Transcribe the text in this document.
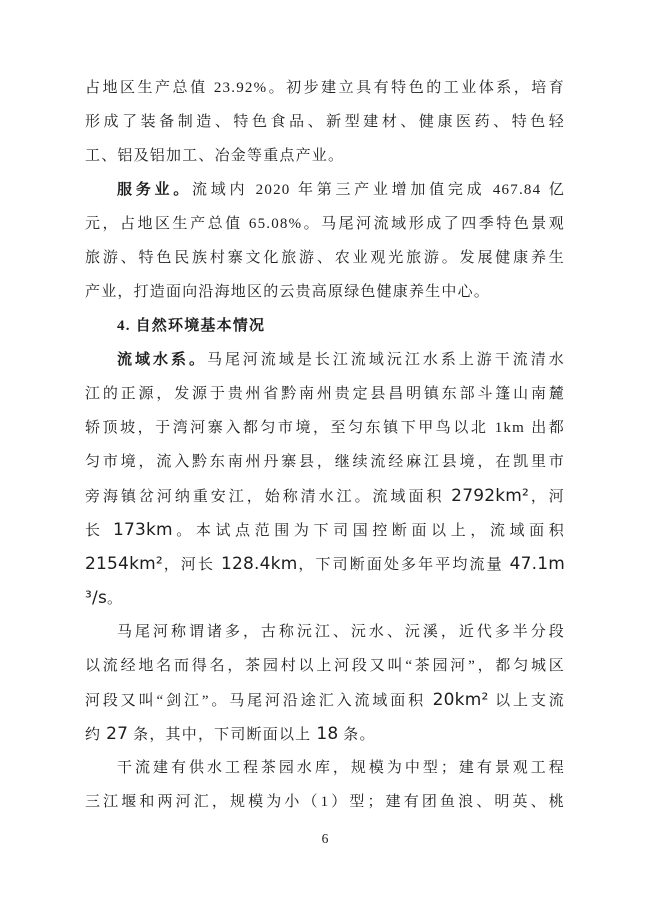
占地区生产总值 23.92%。初步建立具有特色的工业体系，培育
形成了装备制造、特色食品、新型建材、健康医药、特色轻
工、铝及铝加工、冶金等重点产业。
服务业。流域内 2020 年第三产业增加值完成 467.84 亿
元，占地区生产总值 65.08%。马尾河流域形成了四季特色景观
旅游、特色民族村寨文化旅游、农业观光旅游。发展健康养生
产业，打造面向沿海地区的云贵高原绿色健康养生中心。
4. 自然环境基本情况
流域水系。马尾河流域是长江流域沅江水系上游干流清水
江的正源，发源于贵州省黔南州贵定县昌明镇东部斗篷山南麓
轿顶坡，于湾河寨入都匀市境，至匀东镇下甲鸟以北 1km 出都
匀市境，流入黔东南州丹寨县，继续流经麻江县境，在凯里市
旁海镇岔河纳重安江，始称清水江。流域面积 2792km²，河
长 173km。本试点范围为下司国控断面以上，流域面积
2154km²，河长 128.4km，下司断面处多年平均流量 47.1m
³/s。
马尾河称谓诸多，古称沅江、沅水、沅溪，近代多半分段
以流经地名而得名，茶园村以上河段又叫“茶园河”，都匀城区
河段又叫“剑江”。马尾河沿途汇入流域面积 20km² 以上支流
约 27 条，其中，下司断面以上 18 条。
干流建有供水工程茶园水库，规模为中型；建有景观工程
三江堰和两河汇，规模为小（1）型；建有团鱼浪、明英、桃
6
